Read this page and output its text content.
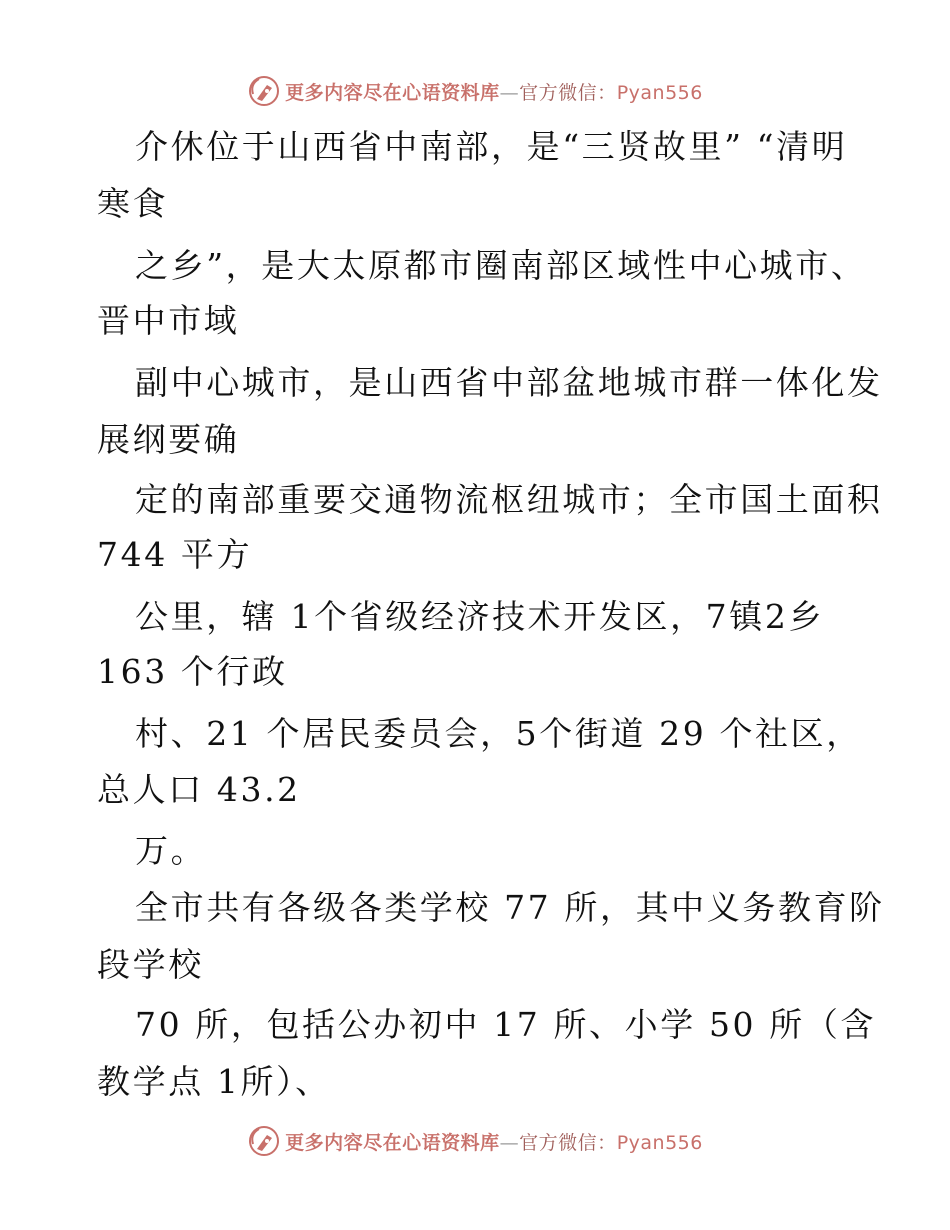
更多内容尽在心语资料库—官方微信：Pyan556
介休位于山西省中南部，是“三贤故里” “清明
寒食
之乡”，是大太原都市圈南部区域性中心城市、
晋中市域
副中心城市，是山西省中部盆地城市群一体化发
展纲要确
定的南部重要交通物流枢纽城市；全市国土面积
744 平方
公里，辖 1个省级经济技术开发区，7镇2乡
163 个行政
村、21 个居民委员会，5个街道 29 个社区，
总人口 43.2
万。
全市共有各级各类学校 77 所，其中义务教育阶
段学校
70 所，包括公办初中 17 所、小学 50 所（含
教学点 1所）、
更多内容尽在心语资料库—官方微信：Pyan556
